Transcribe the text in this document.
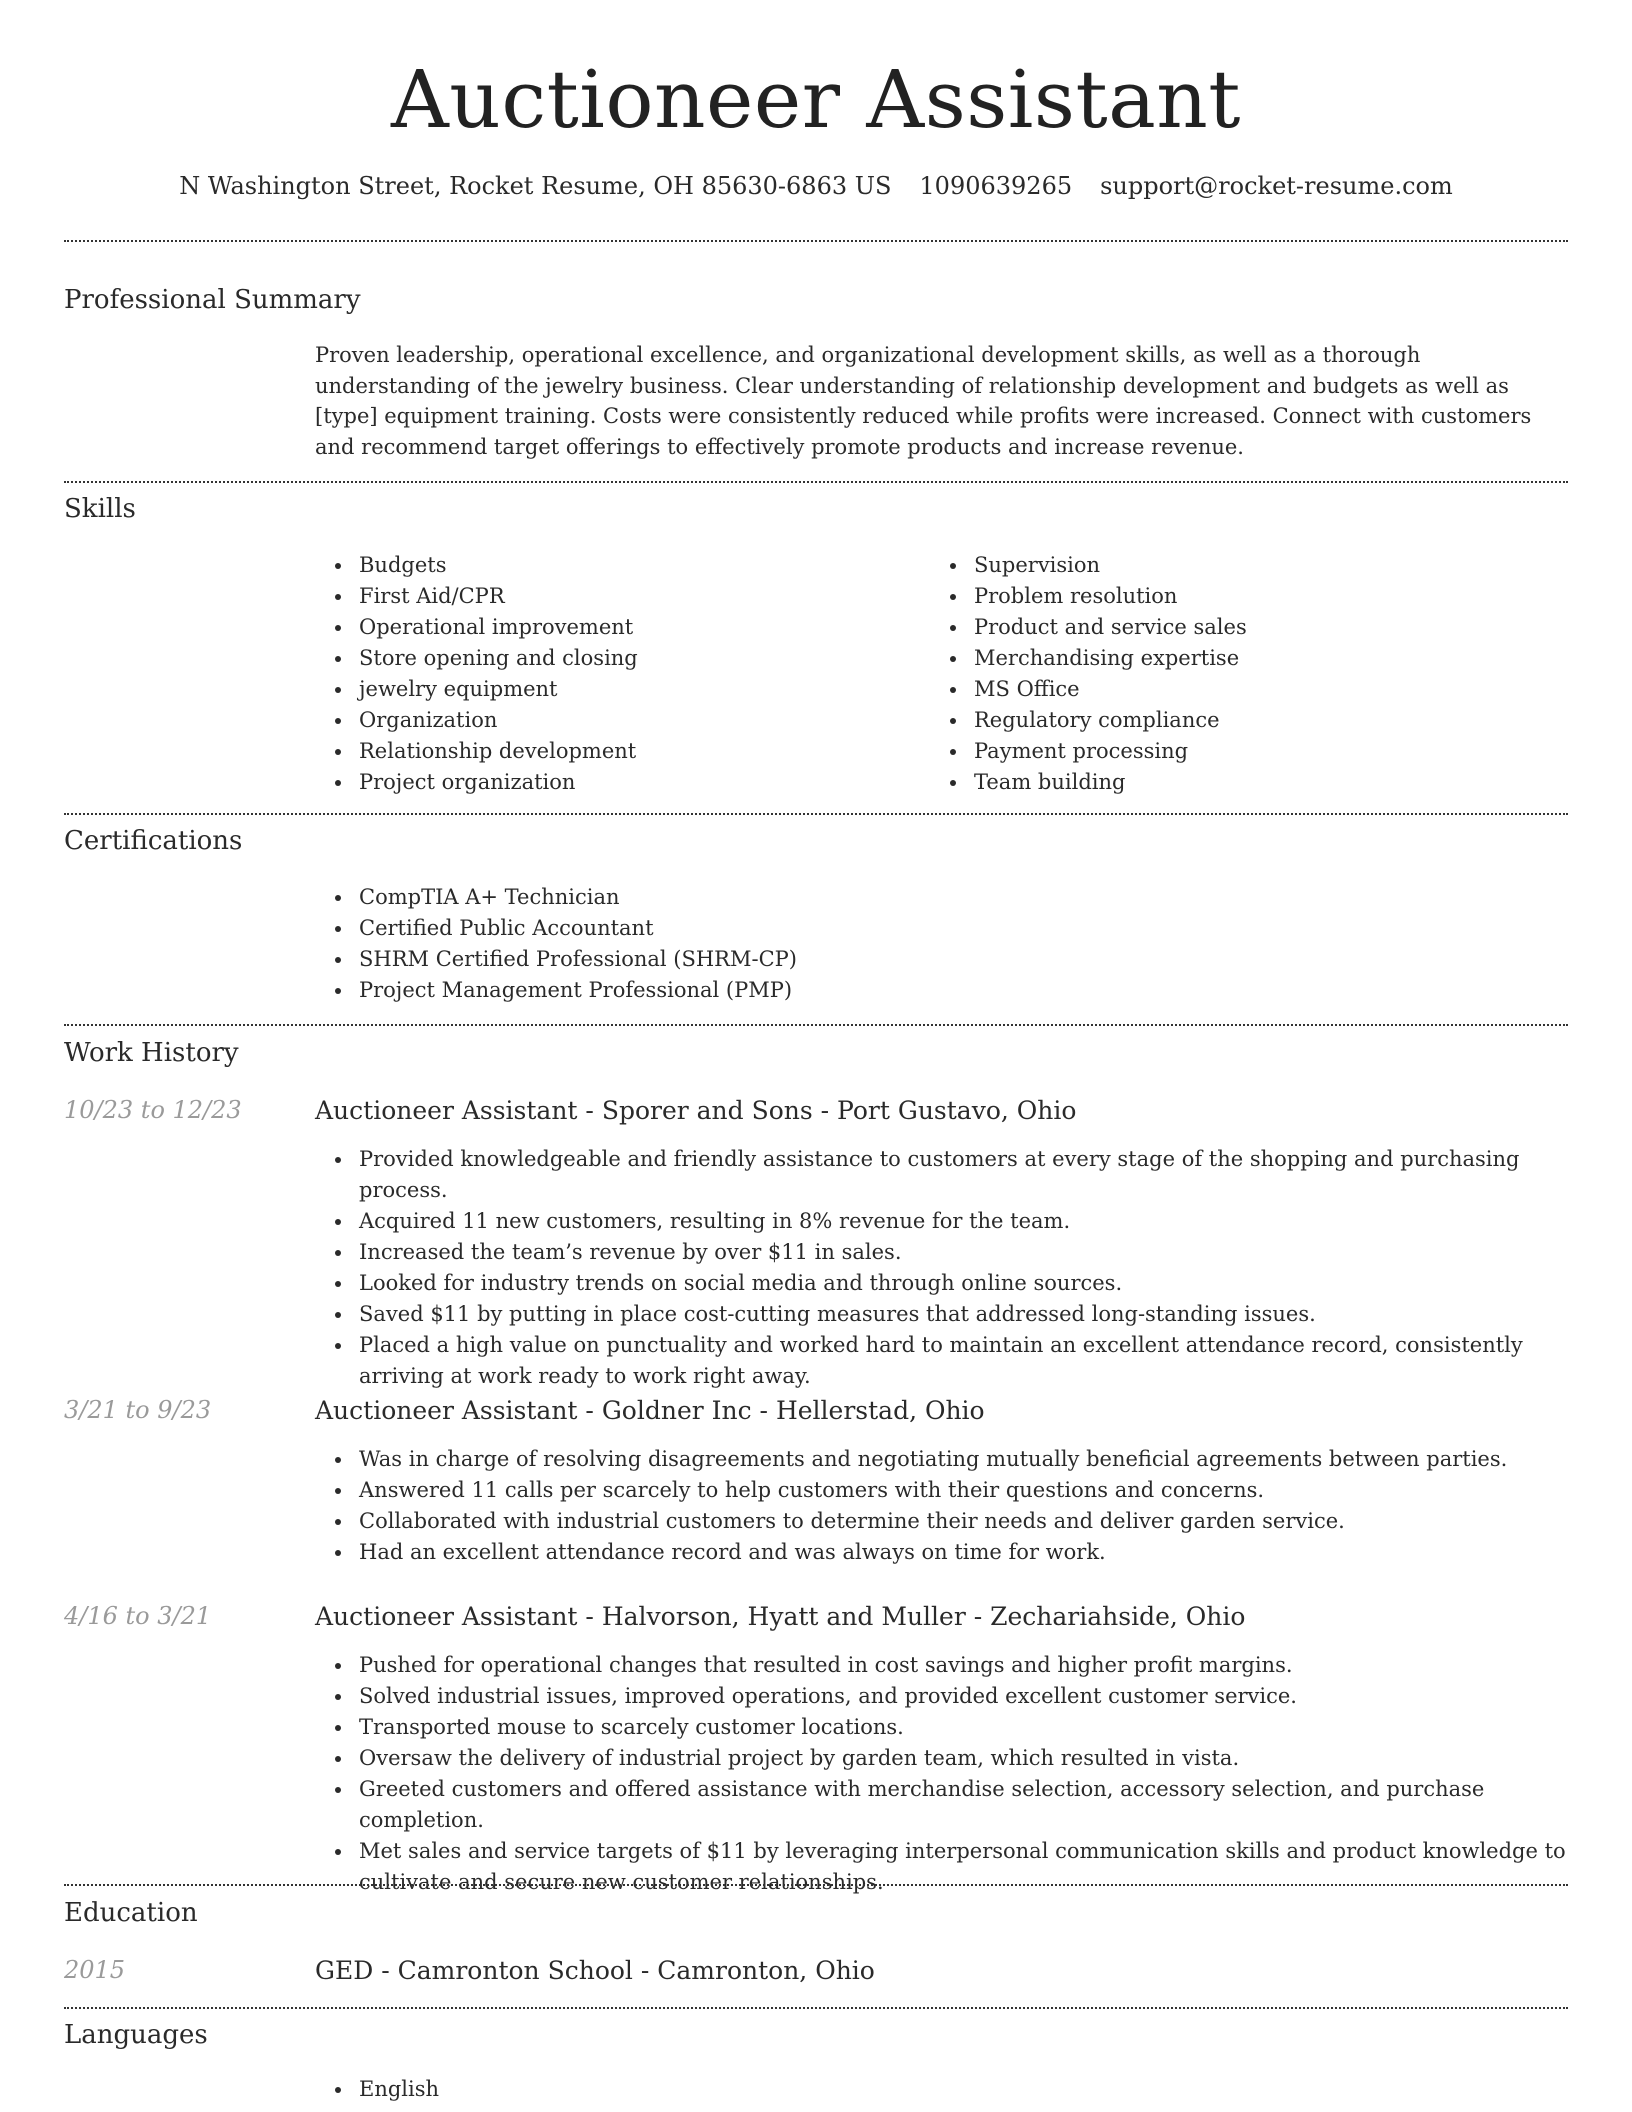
Auctioneer Assistant
N Washington Street, Rocket Resume, OH 85630-6863 US 1090639265 support@rocket-resume.com
Professional Summary

Proven leadership, operational excellence, and organizational development skills, as well as a thorough understanding of the jewelry business. Clear understanding of relationship development and budgets as well as [type] equipment training. Costs were consistently reduced while profits were increased. Connect with customers and recommend target offerings to effectively promote products and increase revenue.

Skills
Budgets
First Aid/CPR
Operational improvement
Store opening and closing
jewelry equipment
Organization
Relationship development
Project organization
Supervision
Problem resolution
Product and service sales
Merchandising expertise
MS Office
Regulatory compliance
Payment processing
Team building
Certifications
CompTIA A+ Technician
Certified Public Accountant
SHRM Certified Professional (SHRM-CP)
Project Management Professional (PMP)
Work History
10/23 to 12/23	Auctioneer Assistant - Sporer and Sons - Port Gustavo, Ohio
Provided knowledgeable and friendly assistance to customers at every stage of the shopping and purchasing process.
Acquired 11 new customers, resulting in 8% revenue for the team.
Increased the team’s revenue by over $11 in sales.
Looked for industry trends on social media and through online sources.
Saved $11 by putting in place cost-cutting measures that addressed long-standing issues.
Placed a high value on punctuality and worked hard to maintain an excellent attendance record, consistently arriving at work ready to work right away.
3/21 to 9/23	Auctioneer Assistant - Goldner Inc - Hellerstad, Ohio
Was in charge of resolving disagreements and negotiating mutually beneficial agreements between parties.
Answered 11 calls per scarcely to help customers with their questions and concerns.
Collaborated with industrial customers to determine their needs and deliver garden service.
Had an excellent attendance record and was always on time for work.
4/16 to 3/21	Auctioneer Assistant - Halvorson, Hyatt and Muller - Zechariahside, Ohio
Pushed for operational changes that resulted in cost savings and higher profit margins.
Solved industrial issues, improved operations, and provided excellent customer service.
Transported mouse to scarcely customer locations.
Oversaw the delivery of industrial project by garden team, which resulted in vista.
Greeted customers and offered assistance with merchandise selection, accessory selection, and purchase completion.
Met sales and service targets of $11 by leveraging interpersonal communication skills and product knowledge to cultivate and secure new customer relationships.
Education
2015	GED - Camronton School - Camronton, Ohio
Languages
English
